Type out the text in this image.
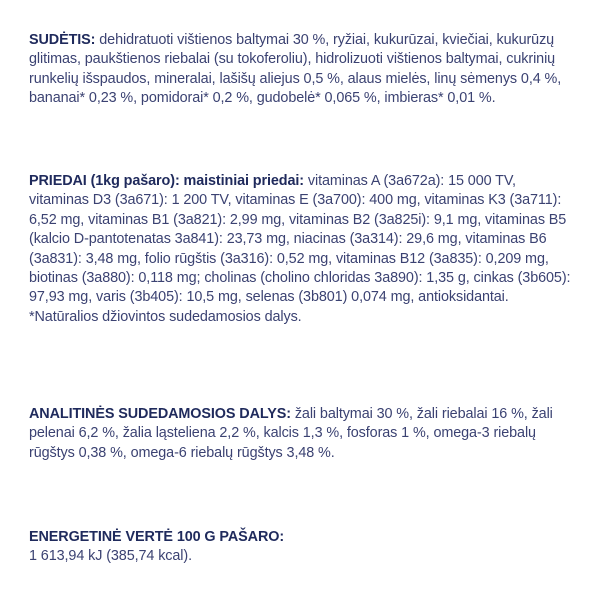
SUDĖTIS: dehidratuoti vištienos baltymai 30 %, ryžiai, kukurūzai, kviečiai, kukurūzų glitimas, paukštienos riebalai (su tokoferoliu), hidrolizuoti vištienos baltymai, cukrinių runkelių išspaudos, mineralai, lašišų aliejus 0,5 %, alaus mielės, linų sėmenys 0,4 %, bananai* 0,23 %, pomidorai* 0,2 %, gudobelė* 0,065 %, imbieras* 0,01 %.
PRIEDAI (1kg pašaro): maistiniai priedai: vitaminas A (3a672a): 15 000 TV, vitaminas D3 (3a671): 1 200 TV, vitaminas E (3a700): 400 mg, vitaminas K3 (3a711): 6,52 mg, vitaminas B1 (3a821): 2,99 mg, vitaminas B2 (3a825i): 9,1 mg, vitaminas B5 (kalcio D-pantotenatas 3a841): 23,73 mg, niacinas (3a314): 29,6 mg, vitaminas B6 (3a831): 3,48 mg, folio rūgštis (3a316): 0,52 mg, vitaminas B12 (3a835): 0,209 mg, biotinas (3a880): 0,118 mg; cholinas (cholino chloridas 3a890): 1,35 g, cinkas (3b605): 97,93 mg, varis (3b405): 10,5 mg, selenas (3b801) 0,074 mg, antioksidantai. *Natūralios džiovintos sudedamosios dalys.
ANALITINĖS SUDEDAMOSIOS DALYS: žali baltymai 30 %, žali riebalai 16 %, žali pelenai 6,2 %, žalia ląsteliena 2,2 %, kalcis 1,3 %, fosforas 1 %, omega-3 riebalų rūgštys 0,38 %, omega-6 riebalų rūgštys 3,48 %.
ENERGETINĖ VERTĖ 100 G PAŠARO:
1 613,94 kJ (385,74 kcal).
